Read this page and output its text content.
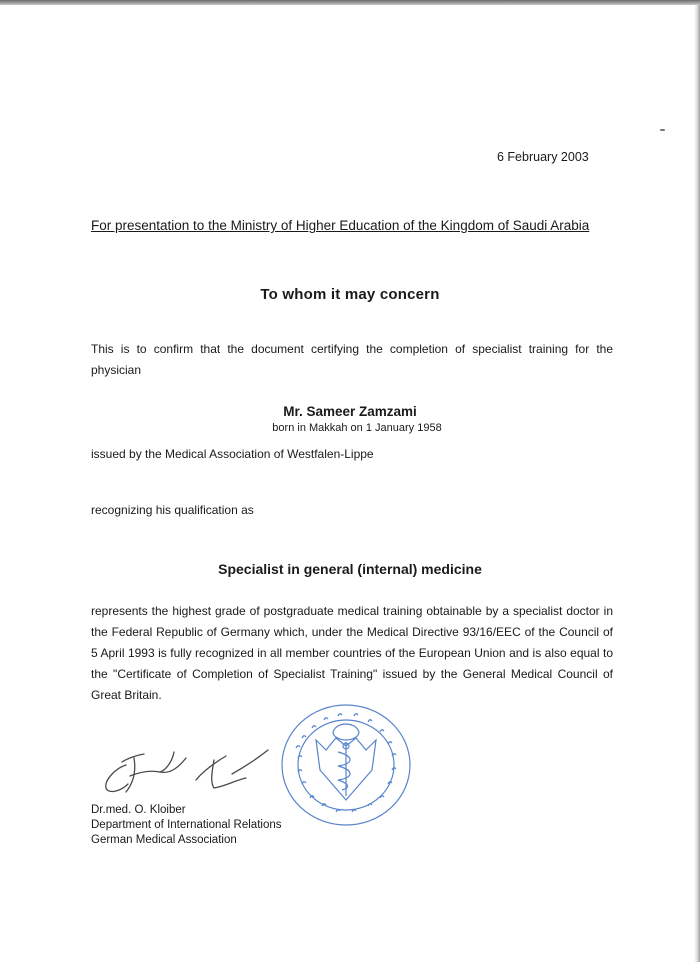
6 February 2003
For presentation to the Ministry of Higher Education of the Kingdom of Saudi Arabia
To whom it may concern
This is to confirm that the document certifying the completion of specialist training for the physician
Mr. Sameer Zamzami
born in Makkah on 1 January 1958
issued by the Medical Association of Westfalen-Lippe
recognizing his qualification as
Specialist in general (internal) medicine
represents the highest grade of postgraduate medical training obtainable by a specialist doctor in the Federal Republic of Germany which, under the Medical Directive 93/16/EEC of the Council of 5 April 1993 is fully recognized in all member countries of the European Union and is also equal to the "Certificate of Completion of Specialist Training" issued by the General Medical Council of Great Britain.
Dr.med. O. Kloiber
Department of International Relations
German Medical Association
